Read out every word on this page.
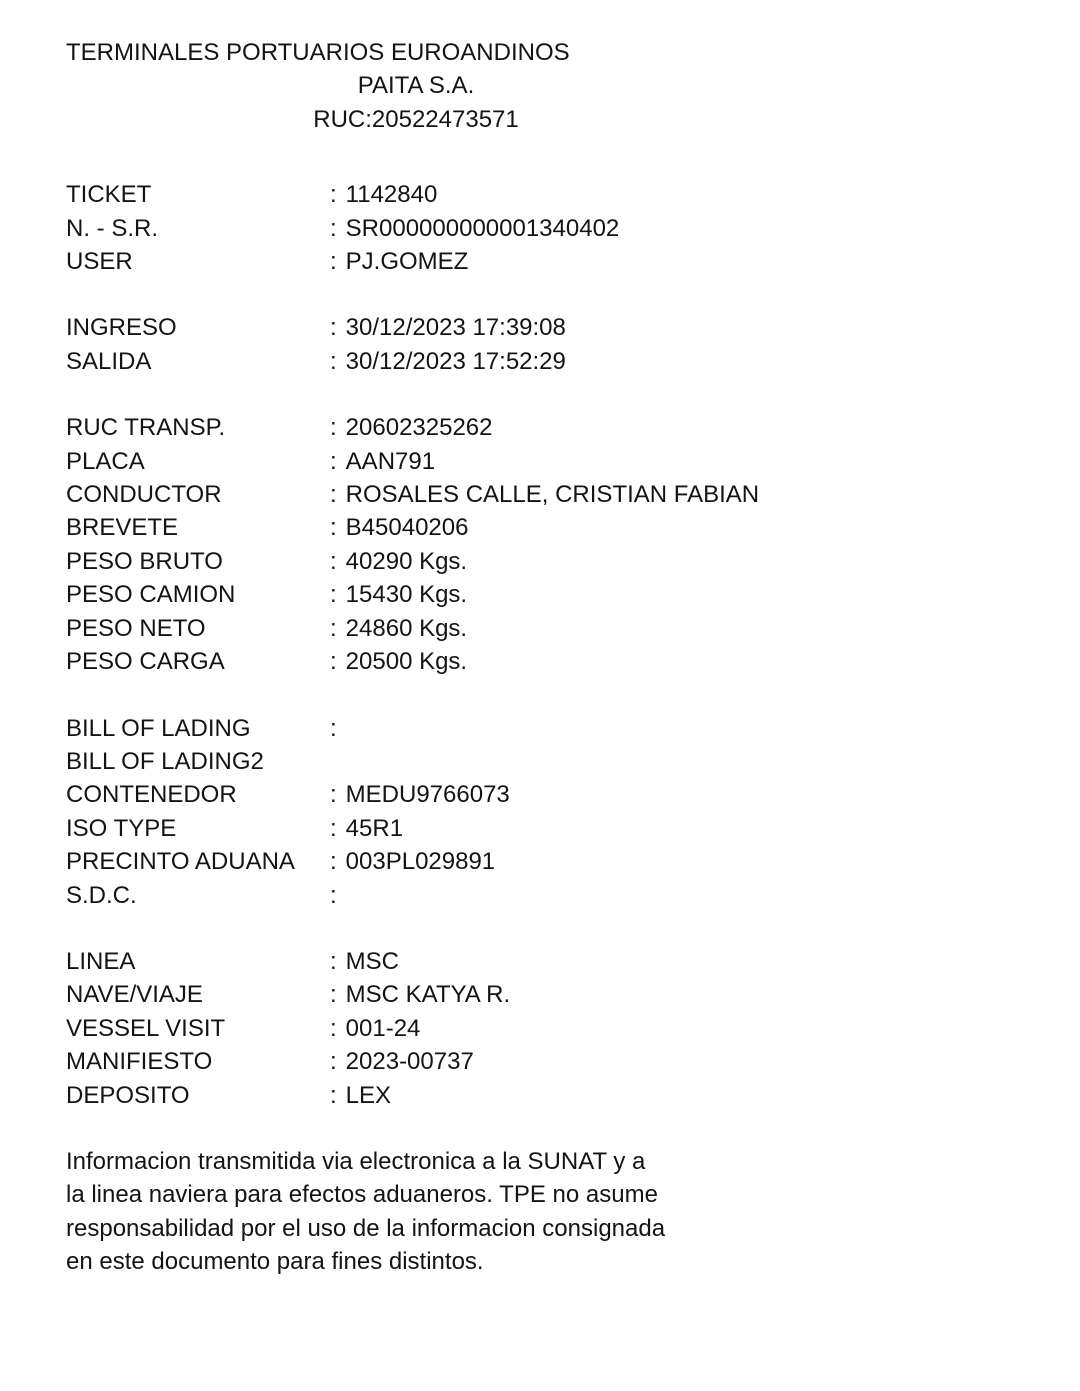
TERMINALES PORTUARIOS EUROANDINOS
PAITA S.A.
RUC:20522473571
TICKET	: 1142840
N. - S.R.	: SR000000000001340402
USER	: PJ.GOMEZ
INGRESO	: 30/12/2023 17:39:08
SALIDA	: 30/12/2023 17:52:29
RUC TRANSP.	: 20602325262
PLACA	: AAN791
CONDUCTOR	: ROSALES CALLE, CRISTIAN FABIAN
BREVETE	: B45040206
PESO BRUTO	: 40290 Kgs.
PESO CAMION	: 15430 Kgs.
PESO NETO	: 24860 Kgs.
PESO CARGA	: 20500 Kgs.
BILL OF LADING	:
BILL OF LADING2
CONTENEDOR	: MEDU9766073
ISO TYPE	: 45R1
PRECINTO ADUANA	: 003PL029891
S.D.C.	:
LINEA	: MSC
NAVE/VIAJE	: MSC KATYA R.
VESSEL VISIT	: 001-24
MANIFIESTO	: 2023-00737
DEPOSITO	: LEX
Informacion transmitida via electronica a la SUNAT y a
la linea naviera para efectos aduaneros. TPE no asume
responsabilidad por el uso de la informacion consignada
en este documento para fines distintos.
